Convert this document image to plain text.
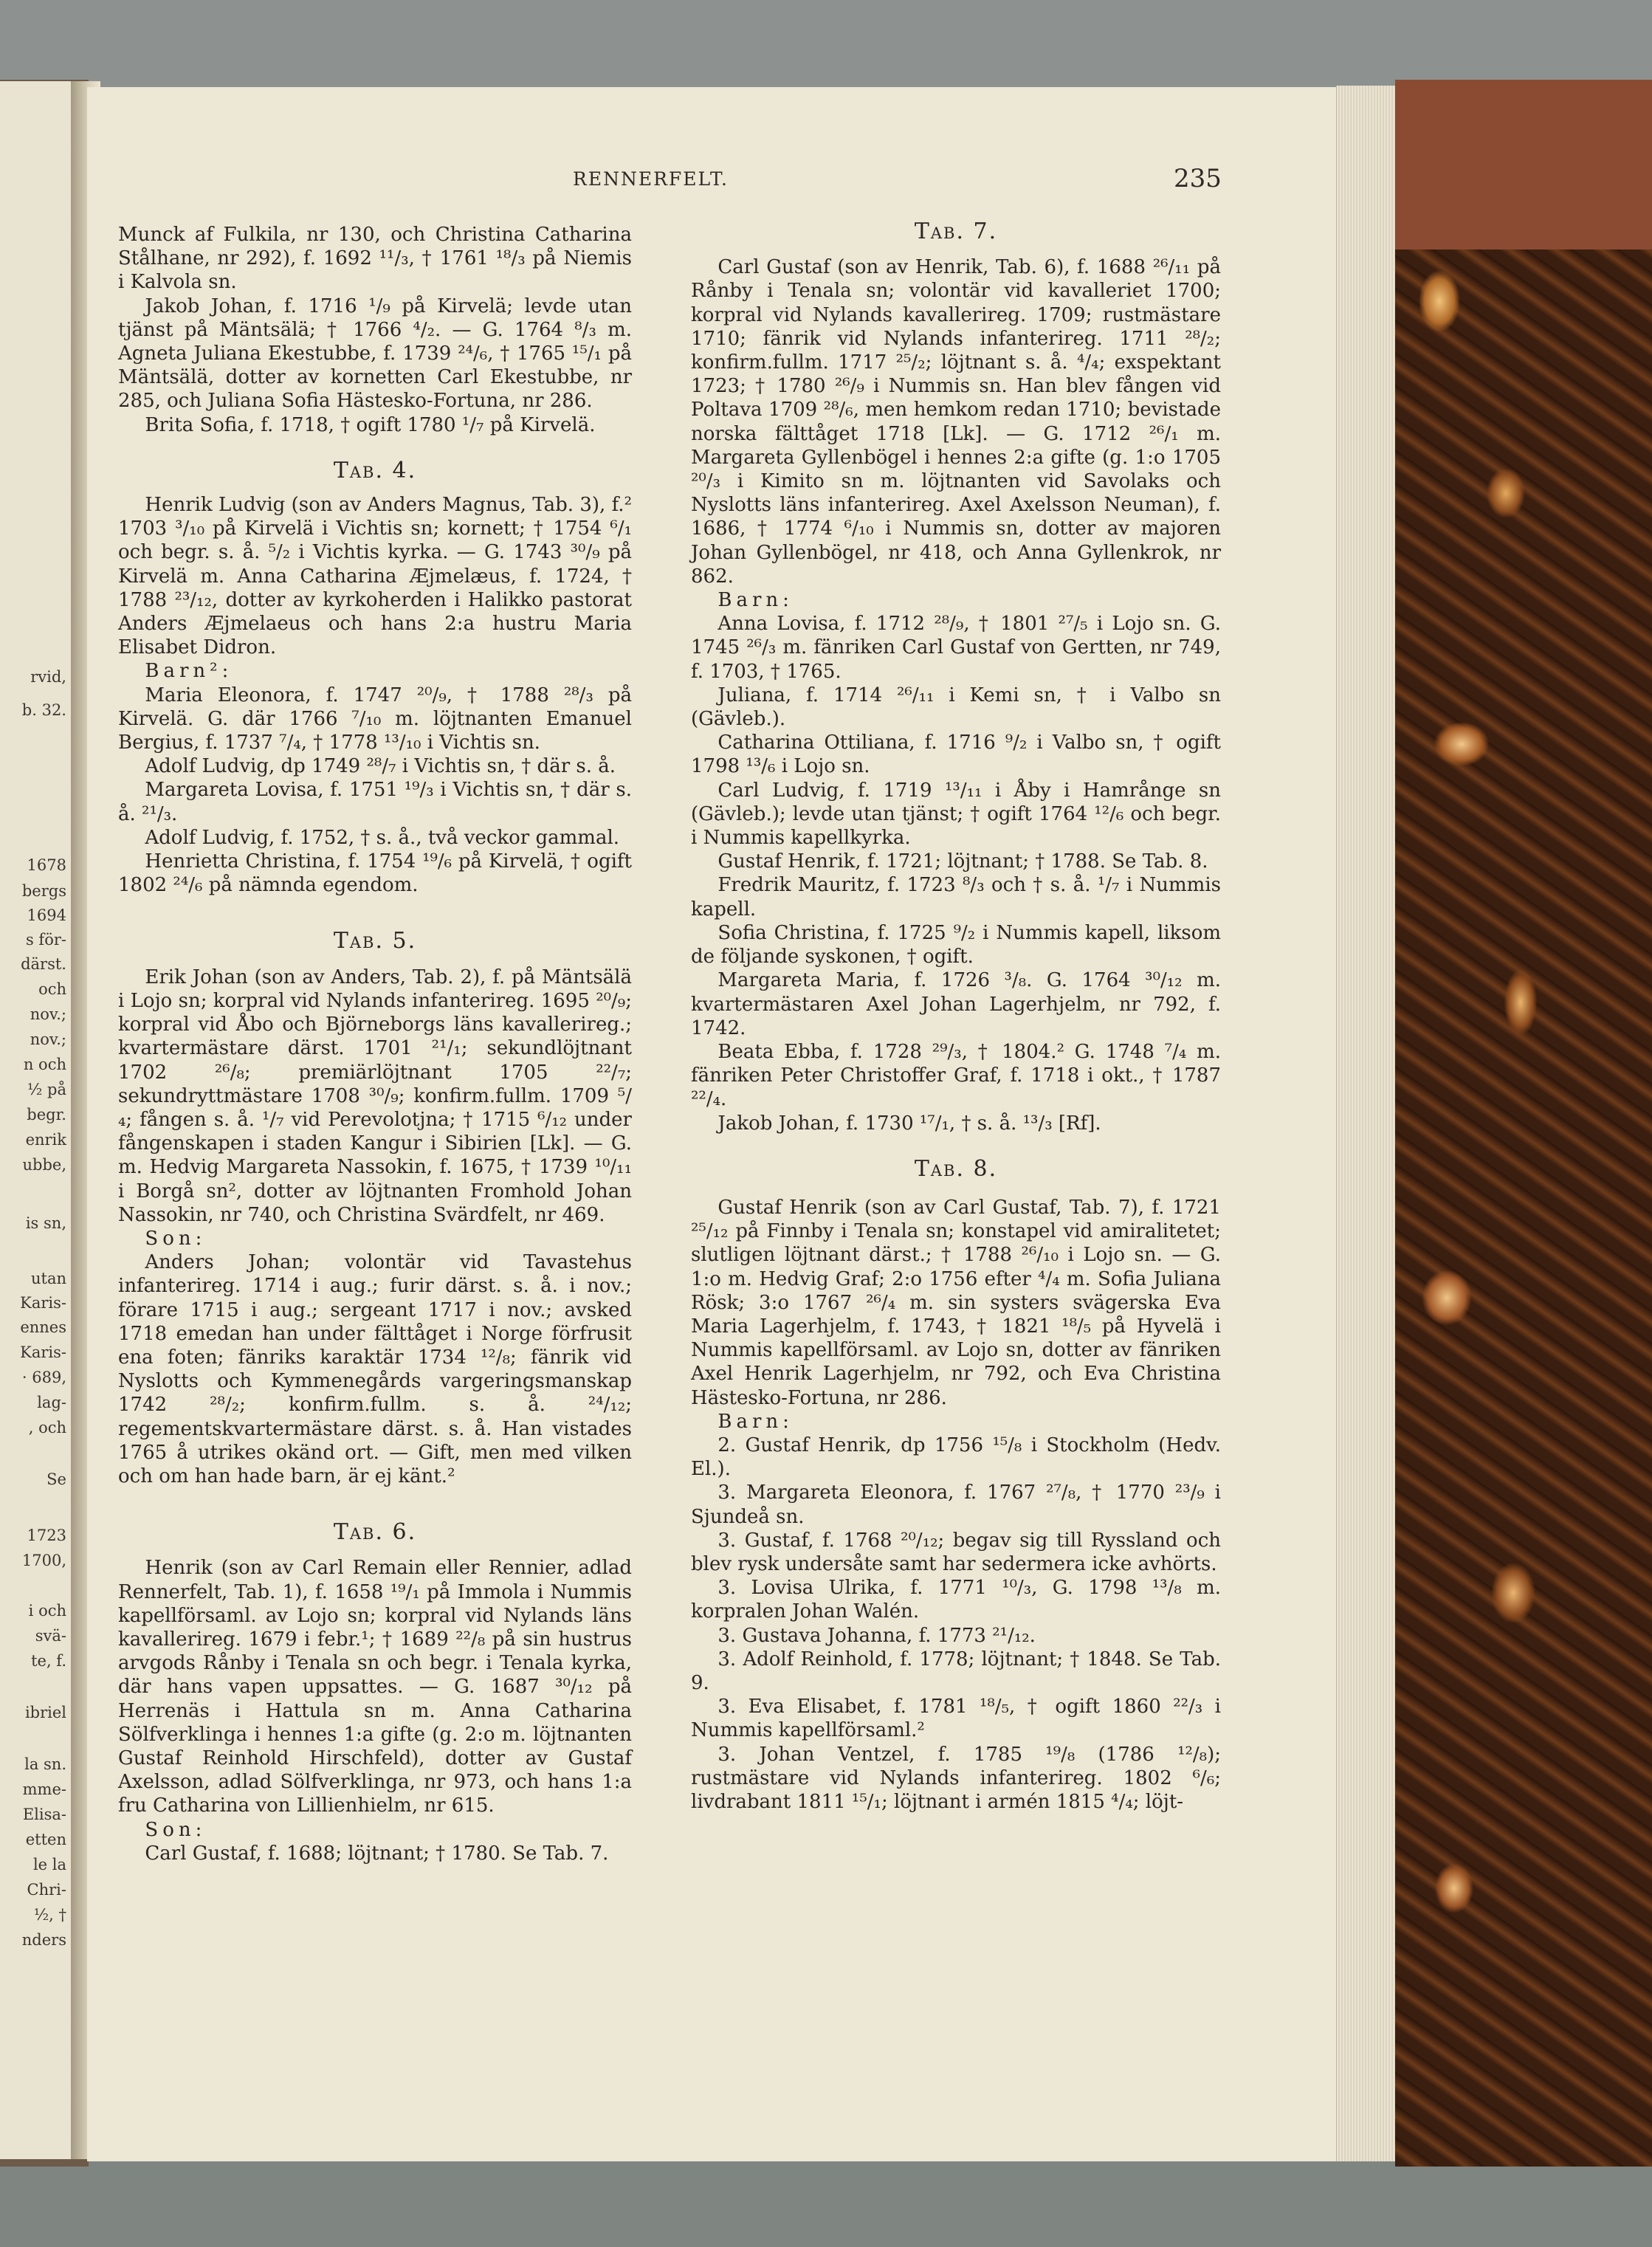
rvid,
b. 32.
1678
bergs
1694
s för-
därst.
och
nov.;
nov.;
n och
½ på
begr.
enrik
ubbe,
is sn,
utan
Karis-
ennes
Karis-
· 689,
lag-
, och
Se
1723
1700,
i och
svä-
te, f.
ibriel
la sn.
mme-
Elisa-
etten
le la
Chri-
½, †
nders
RENNERFELT.	235

Munck af Fulkila, nr 130, och Christina Catharina Stålhane, nr 292), f. 1692 ¹¹/₃, † 1761 ¹⁸/₃ på Niemis i Kalvola sn.

Jakob Johan, f. 1716 ¹/₉ på Kirvelä; levde utan tjänst på Mäntsälä; † 1766 ⁴/₂. — G. 1764 ⁸/₃ m. Agneta Juliana Ekestubbe, f. 1739 ²⁴/₆, † 1765 ¹⁵/₁ på Mäntsälä, dotter av kornetten Carl Ekestubbe, nr 285, och Juliana Sofia Hästesko-Fortuna, nr 286.

Brita Sofia, f. 1718, † ogift 1780 ¹/₇ på Kirvelä.

Tab. 4.

Henrik Ludvig (son av Anders Magnus, Tab. 3), f.² 1703 ³/₁₀ på Kirvelä i Vichtis sn; kornett; † 1754 ⁶/₁ och begr. s. å. ⁵/₂ i Vichtis kyrka. — G. 1743 ³⁰/₉ på Kirvelä m. Anna Catharina Æjmelæus, f. 1724, † 1788 ²³/₁₂, dotter av kyrkoherden i Halikko pastorat Anders Æjmelaeus och hans 2:a hustru Maria Elisabet Didron.

Barn²:

Maria Eleonora, f. 1747 ²⁰/₉, † 1788 ²⁸/₃ på Kirvelä. G. där 1766 ⁷/₁₀ m. löjtnanten Emanuel Bergius, f. 1737 ⁷/₄, † 1778 ¹³/₁₀ i Vichtis sn.

Adolf Ludvig, dp 1749 ²⁸/₇ i Vichtis sn, † där s. å.

Margareta Lovisa, f. 1751 ¹⁹/₃ i Vichtis sn, † där s. å. ²¹/₃.

Adolf Ludvig, f. 1752, † s. å., två veckor gammal.

Henrietta Christina, f. 1754 ¹⁹/₆ på Kirvelä, † ogift 1802 ²⁴/₆ på nämnda egendom.

Tab. 5.

Erik Johan (son av Anders, Tab. 2), f. på Mäntsälä i Lojo sn; korpral vid Nylands infanterireg. 1695 ²⁰/₉; korpral vid Åbo och Björneborgs läns kavallerireg.; kvartermästare därst. 1701 ²¹/₁; sekundlöjtnant 1702 ²⁶/₈; premiärlöjtnant 1705 ²²/₇; sekundryttmästare 1708 ³⁰/₉; konfirm.fullm. 1709 ⁵/₄; fången s. å. ¹/₇ vid Perevolotjna; † 1715 ⁶/₁₂ under fångenskapen i staden Kangur i Sibirien [Lk]. — G. m. Hedvig Margareta Nassokin, f. 1675, † 1739 ¹⁰/₁₁ i Borgå sn², dotter av löjtnanten Fromhold Johan Nassokin, nr 740, och Christina Svärdfelt, nr 469.

Son:

Anders Johan; volontär vid Tavastehus infanterireg. 1714 i aug.; furir därst. s. å. i nov.; förare 1715 i aug.; sergeant 1717 i nov.; avsked 1718 emedan han under fälttåget i Norge förfrusit ena foten; fänriks karaktär 1734 ¹²/₈; fänrik vid Nyslotts och Kymmenegårds vargeringsmanskap 1742 ²⁸/₂; konfirm.fullm. s. å. ²⁴/₁₂; regementskvartermästare därst. s. å. Han vistades 1765 å utrikes okänd ort. — Gift, men med vilken och om han hade barn, är ej känt.²

Tab. 6.

Henrik (son av Carl Remain eller Rennier, adlad Rennerfelt, Tab. 1), f. 1658 ¹⁹/₁ på Immola i Nummis kapellförsaml. av Lojo sn; korpral vid Nylands läns kavallerireg. 1679 i febr.¹; † 1689 ²²/₈ på sin hustrus arvgods Rånby i Tenala sn och begr. i Tenala kyrka, där hans vapen uppsattes. — G. 1687 ³⁰/₁₂ på Herrenäs i Hattula sn m. Anna Catharina Sölfverklinga i hennes 1:a gifte (g. 2:o m. löjtnanten Gustaf Reinhold Hirschfeld), dotter av Gustaf Axelsson, adlad Sölfverklinga, nr 973, och hans 1:a fru Catharina von Lillienhielm, nr 615.

Son:

Carl Gustaf, f. 1688; löjtnant; † 1780. Se Tab. 7.

Tab. 7.

Carl Gustaf (son av Henrik, Tab. 6), f. 1688 ²⁶/₁₁ på Rånby i Tenala sn; volontär vid kavalleriet 1700; korpral vid Nylands kavallerireg. 1709; rustmästare 1710; fänrik vid Nylands infanterireg. 1711 ²⁸/₂; konfirm.fullm. 1717 ²⁵/₂; löjtnant s. å. ⁴/₄; exspektant 1723; † 1780 ²⁶/₉ i Nummis sn. Han blev fången vid Poltava 1709 ²⁸/₆, men hemkom redan 1710; bevistade norska fälttåget 1718 [Lk]. — G. 1712 ²⁶/₁ m. Margareta Gyllenbögel i hennes 2:a gifte (g. 1:o 1705 ²⁰/₃ i Kimito sn m. löjtnanten vid Savolaks och Nyslotts läns infanterireg. Axel Axelsson Neuman), f. 1686, † 1774 ⁶/₁₀ i Nummis sn, dotter av majoren Johan Gyllenbögel, nr 418, och Anna Gyllenkrok, nr 862.

Barn:

Anna Lovisa, f. 1712 ²⁸/₉, † 1801 ²⁷/₅ i Lojo sn. G. 1745 ²⁶/₃ m. fänriken Carl Gustaf von Gertten, nr 749, f. 1703, † 1765.

Juliana, f. 1714 ²⁶/₁₁ i Kemi sn, † i Valbo sn (Gävleb.).

Catharina Ottiliana, f. 1716 ⁹/₂ i Valbo sn, † ogift 1798 ¹³/₆ i Lojo sn.

Carl Ludvig, f. 1719 ¹³/₁₁ i Åby i Hamrånge sn (Gävleb.); levde utan tjänst; † ogift 1764 ¹²/₆ och begr. i Nummis kapellkyrka.

Gustaf Henrik, f. 1721; löjtnant; † 1788. Se Tab. 8.

Fredrik Mauritz, f. 1723 ⁸/₃ och † s. å. ¹/₇ i Nummis kapell.

Sofia Christina, f. 1725 ⁹/₂ i Nummis kapell, liksom de följande syskonen, † ogift.

Margareta Maria, f. 1726 ³/₈. G. 1764 ³⁰/₁₂ m. kvartermästaren Axel Johan Lagerhjelm, nr 792, f. 1742.

Beata Ebba, f. 1728 ²⁹/₃, † 1804.² G. 1748 ⁷/₄ m. fänriken Peter Christoffer Graf, f. 1718 i okt., † 1787 ²²/₄.

Jakob Johan, f. 1730 ¹⁷/₁, † s. å. ¹³/₃ [Rf].

Tab. 8.

Gustaf Henrik (son av Carl Gustaf, Tab. 7), f. 1721 ²⁵/₁₂ på Finnby i Tenala sn; konstapel vid amiralitetet; slutligen löjtnant därst.; † 1788 ²⁶/₁₀ i Lojo sn. — G. 1:o m. Hedvig Graf; 2:o 1756 efter ⁴/₄ m. Sofia Juliana Rösk; 3:o 1767 ²⁶/₄ m. sin systers svägerska Eva Maria Lagerhjelm, f. 1743, † 1821 ¹⁸/₅ på Hyvelä i Nummis kapellförsaml. av Lojo sn, dotter av fänriken Axel Henrik Lagerhjelm, nr 792, och Eva Christina Hästesko-Fortuna, nr 286.

Barn:

2. Gustaf Henrik, dp 1756 ¹⁵/₈ i Stockholm (Hedv. El.).

3. Margareta Eleonora, f. 1767 ²⁷/₈, † 1770 ²³/₉ i Sjundeå sn.

3. Gustaf, f. 1768 ²⁰/₁₂; begav sig till Ryssland och blev rysk undersåte samt har sedermera icke avhörts.

3. Lovisa Ulrika, f. 1771 ¹⁰/₃, G. 1798 ¹³/₈ m. korpralen Johan Walén.

3. Gustava Johanna, f. 1773 ²¹/₁₂.

3. Adolf Reinhold, f. 1778; löjtnant; † 1848. Se Tab. 9.

3. Eva Elisabet, f. 1781 ¹⁸/₅, † ogift 1860 ²²/₃ i Nummis kapellförsaml.²

3. Johan Ventzel, f. 1785 ¹⁹/₈ (1786 ¹²/₈); rustmästare vid Nylands infanterireg. 1802 ⁶/₆; livdrabant 1811 ¹⁵/₁; löjtnant i armén 1815 ⁴/₄; löjt-
